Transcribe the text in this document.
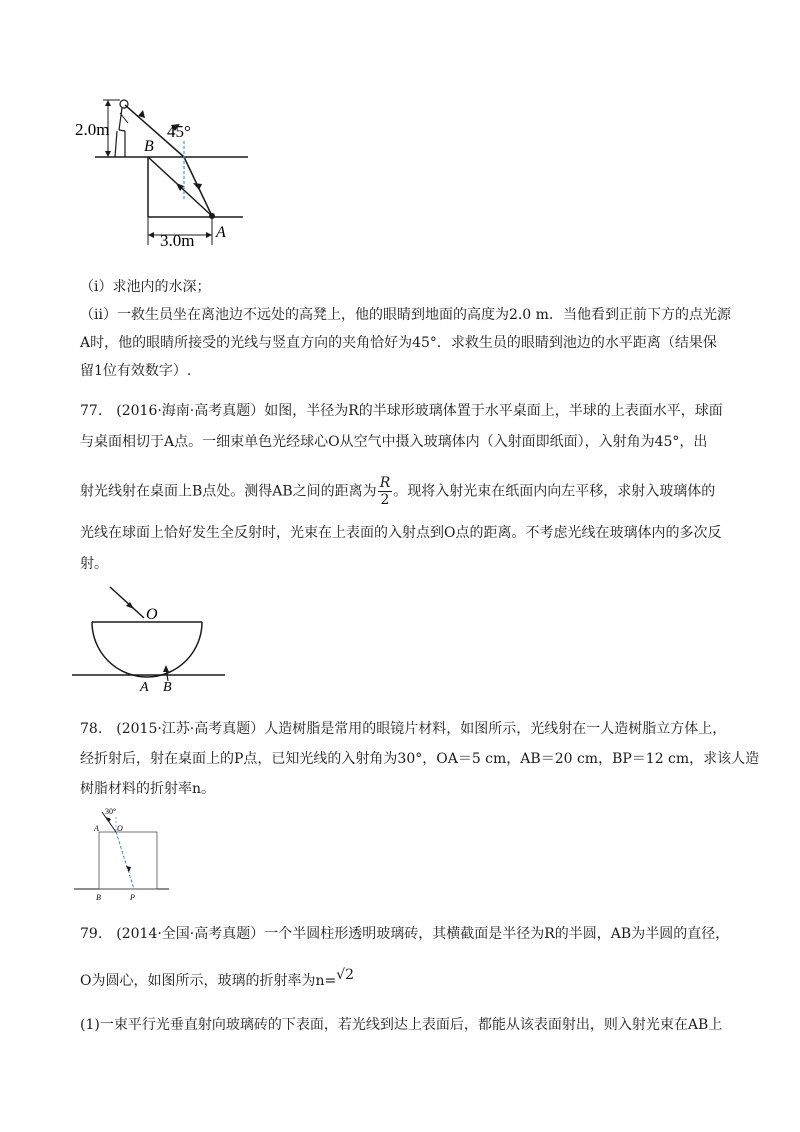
2.0m	45°
B
A
3.0m
（i）求池内的水深；
（ii）一救生员坐在离池边不远处的高凳上，他的眼睛到地面的高度为2.0 m．当他看到正前下方的点光源
A时，他的眼睛所接受的光线与竖直方向的夹角恰好为45°．求救生员的眼睛到池边的水平距离（结果保
留1位有效数字）.
77.　(2016·海南·高考真题）如图，半径为R的半球形玻璃体置于水平桌面上，半球的上表面水平，球面
与桌面相切于A点。一细束单色光经球心O从空气中摄入玻璃体内（入射面即纸面），入射角为45°，出
射光线射在桌面上B点处。测得AB之间的距离为 $\frac{R}{2}$ 。现将入射光束在纸面内向左平移，求射入玻璃体的
光线在球面上恰好发生全反射时，光束在上表面的入射点到O点的距离。不考虑光线在玻璃体内的多次反
射。
O
A B
78.　(2015·江苏·高考真题）人造树脂是常用的眼镜片材料，如图所示，光线射在一人造树脂立方体上，
经折射后，射在桌面上的P点，已知光线的入射角为30°，OA＝5 cm，AB＝20 cm，BP＝12 cm，求该人造
树脂材料的折射率n。
30°
A O
B	P
79.　(2014·全国·高考真题）一个半圆柱形透明玻璃砖，其横截面是半径为R的半圆，AB为半圆的直径，
O为圆心，如图所示，玻璃的折射率为n=√2
(1)一束平行光垂直射向玻璃砖的下表面，若光线到达上表面后，都能从该表面射出，则入射光束在AB上
